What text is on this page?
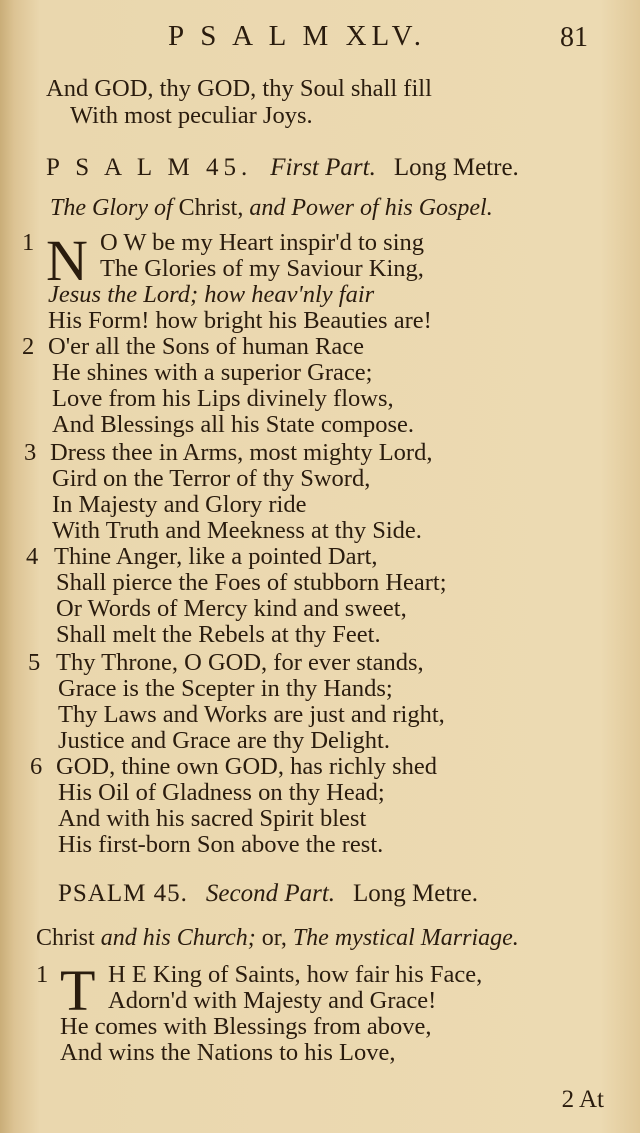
P S A L M XLV.	81
And GOD, thy GOD, thy Soul shall fill
With most peculiar Joys.
P S A L M 45. First Part. Long Metre.
The Glory of Christ, and Power of his Gospel.
1 N O W be my Heart inspir'd to sing
The Glories of my Saviour King,
Jesus the Lord; how heav'nly fair
His Form! how bright his Beauties are!
2 O'er all the Sons of human Race
He shines with a superior Grace;
Love from his Lips divinely flows,
And Blessings all his State compose.
3 Dress thee in Arms, most mighty Lord,
Gird on the Terror of thy Sword,
In Majesty and Glory ride
With Truth and Meekness at thy Side.
4 Thine Anger, like a pointed Dart,
Shall pierce the Foes of stubborn Heart;
Or Words of Mercy kind and sweet,
Shall melt the Rebels at thy Feet.
5 Thy Throne, O GOD, for ever stands,
Grace is the Scepter in thy Hands;
Thy Laws and Works are just and right,
Justice and Grace are thy Delight.
6 GOD, thine own GOD, has richly shed
His Oil of Gladness on thy Head;
And with his sacred Spirit blest
His first-born Son above the rest.
PSALM 45. Second Part. Long Metre.
Christ and his Church; or, The mystical Marriage.
1 T H E King of Saints, how fair his Face,
Adorn'd with Majesty and Grace!
He comes with Blessings from above,
And wins the Nations to his Love,
2 At
